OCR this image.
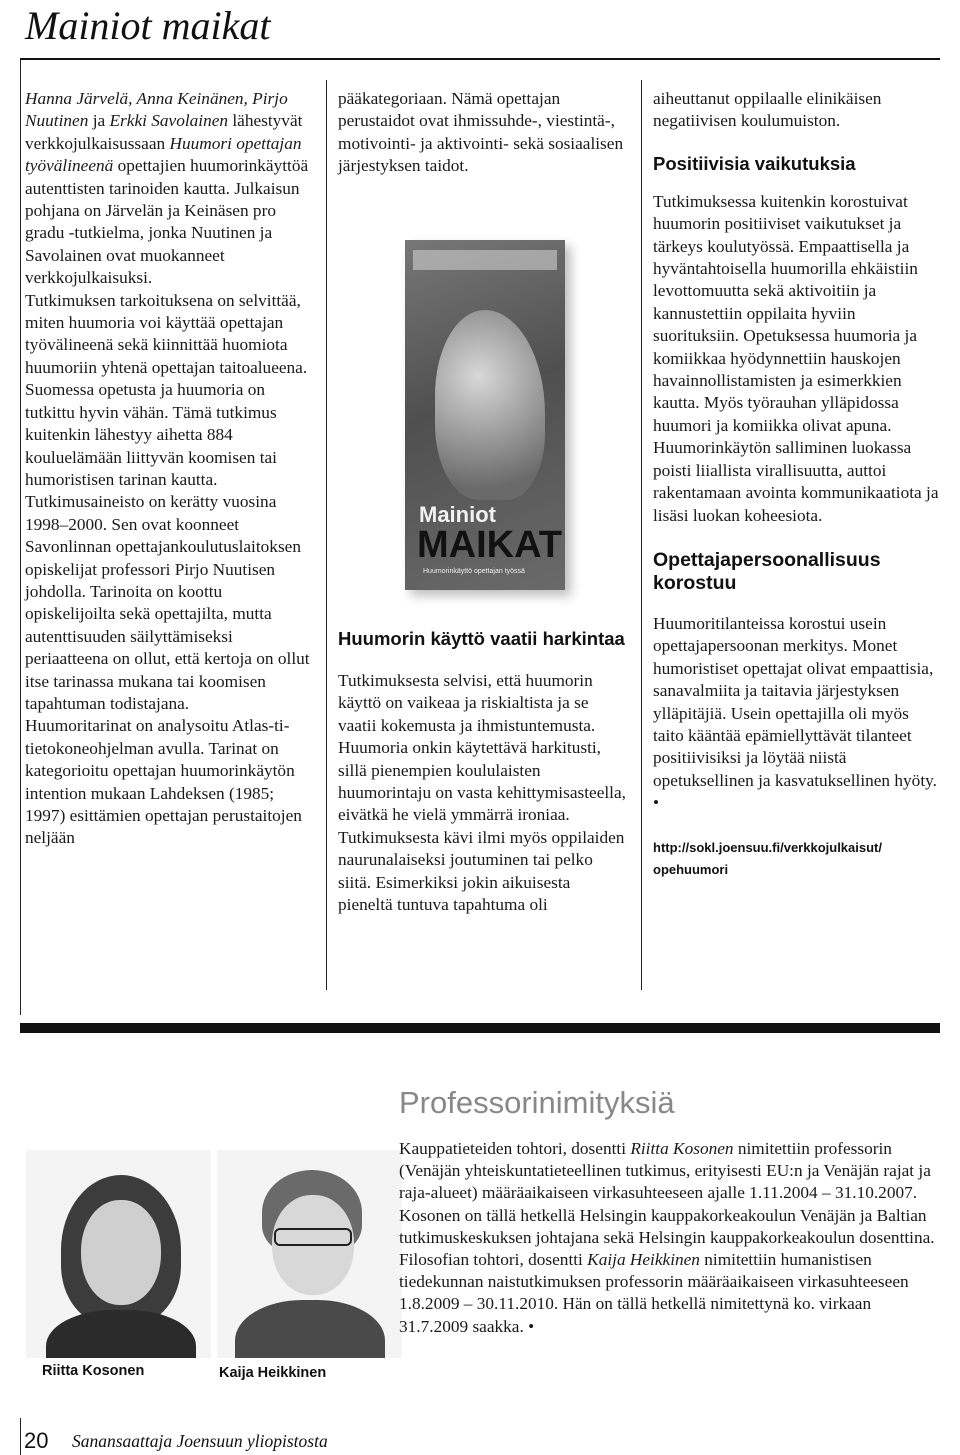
Mainiot maikat

Hanna Järvelä, Anna Keinänen, Pirjo Nuutinen ja Erkki Savolainen lähestyvät verkkojulkaisussaan Huumori opettajan työvälineenä opettajien huumorinkäyttöä autenttisten tarinoiden kautta. Julkaisun pohjana on Järvelän ja Keinäsen pro gradu -tutkielma, jonka Nuutinen ja Savolainen ovat muokanneet verkkojulkaisuksi.

Tutkimuksen tarkoituksena on selvittää, miten huumoria voi käyttää opettajan työvälineenä sekä kiinnittää huomiota huumoriin yhtenä opettajan taitoalueena. Suomessa opetusta ja huumoria on tutkittu hyvin vähän. Tämä tutkimus kuitenkin lähestyy aihetta 884 kouluelämään liittyvän koomisen tai humoristisen tarinan kautta. Tutkimusaineisto on kerätty vuosina 1998–2000. Sen ovat koonneet Savonlinnan opettajankoulutuslaitoksen opiskelijat professori Pirjo Nuutisen johdolla. Tarinoita on koottu opiskelijoilta sekä opettajilta, mutta autenttisuuden säilyttämiseksi periaatteena on ollut, että kertoja on ollut itse tarinassa mukana tai koomisen tapahtuman todistajana.

Huumoritarinat on analysoitu Atlas-ti-tietokoneohjelman avulla. Tarinat on kategorioitu opettajan huumorinkäytön intention mukaan Lahdeksen (1985; 1997) esittämien opettajan perustaitojen neljään

pääkategoriaan. Nämä opettajan perustaidot ovat ihmissuhde-, viestintä-, motivointi- ja aktivointi- sekä sosiaalisen järjestyksen taidot.

Mainiot
MAIKAT
Huumorinkäyttö opettajan työssä
Huumorin käyttö vaatii harkintaa

Tutkimuksesta selvisi, että huumorin käyttö on vaikeaa ja riskialtista ja se vaatii kokemusta ja ihmistuntemusta. Huumoria onkin käytettävä harkitusti, sillä pienempien koululaisten huumorintaju on vasta kehittymisasteella, eivätkä he vielä ymmärrä ironiaa. Tutkimuksesta kävi ilmi myös oppilaiden naurunalaiseksi joutuminen tai pelko siitä. Esimerkiksi jokin aikuisesta pieneltä tuntuva tapahtuma oli

aiheuttanut oppilaalle elinikäisen negatiivisen koulumuiston.

Positiivisia vaikutuksia

Tutkimuksessa kuitenkin korostuivat huumorin positiiviset vaikutukset ja tärkeys koulutyössä. Empaattisella ja hyväntahtoisella huumorilla ehkäistiin levottomuutta sekä aktivoitiin ja kannustettiin oppilaita hyviin suorituksiin. Opetuksessa huumoria ja komiikkaa hyödynnettiin hauskojen havainnollistamisten ja esimerkkien kautta. Myös työrauhan ylläpidossa huumori ja komiikka olivat apuna. Huumorinkäytön salliminen luokassa poisti liiallista virallisuutta, auttoi rakentamaan avointa kommunikaatiota ja lisäsi luokan koheesiota.

Opettajapersoonallisuus korostuu

Huumoritilanteissa korostui usein opettajapersoonan merkitys. Monet humoristiset opettajat olivat empaattisia, sanavalmiita ja taitavia järjestyksen ylläpitäjiä. Usein opettajilla oli myös taito kääntää epämiellyttävät tilanteet positiivisiksi ja löytää niistä opetuksellinen ja kasvatuksellinen hyöty. •

http://sokl.joensuu.fi/verkkojulkaisut/
opehuumori
Professorinimityksiä
Riitta Kosonen	Kaija Heikkinen

Kauppatieteiden tohtori, dosentti Riitta Kosonen nimitettiin professorin (Venäjän yhteiskuntatieteellinen tutkimus, erityisesti EU:n ja Venäjän rajat ja raja-alueet) määräaikaiseen virkasuhteeseen ajalle 1.11.2004 – 31.10.2007. Kosonen on tällä hetkellä Helsingin kauppakorkeakoulun Venäjän ja Baltian tutkimuskeskuksen johtajana sekä Helsingin kauppakorkeakoulun dosenttina.

Filosofian tohtori, dosentti Kaija Heikkinen nimitettiin humanistisen tiedekunnan naistutkimuksen professorin määräaikaiseen virkasuhteeseen 1.8.2009 – 30.11.2010. Hän on tällä hetkellä nimitettynä ko. virkaan 31.7.2009 saakka. •

20 Sanansaattaja Joensuun yliopistosta
